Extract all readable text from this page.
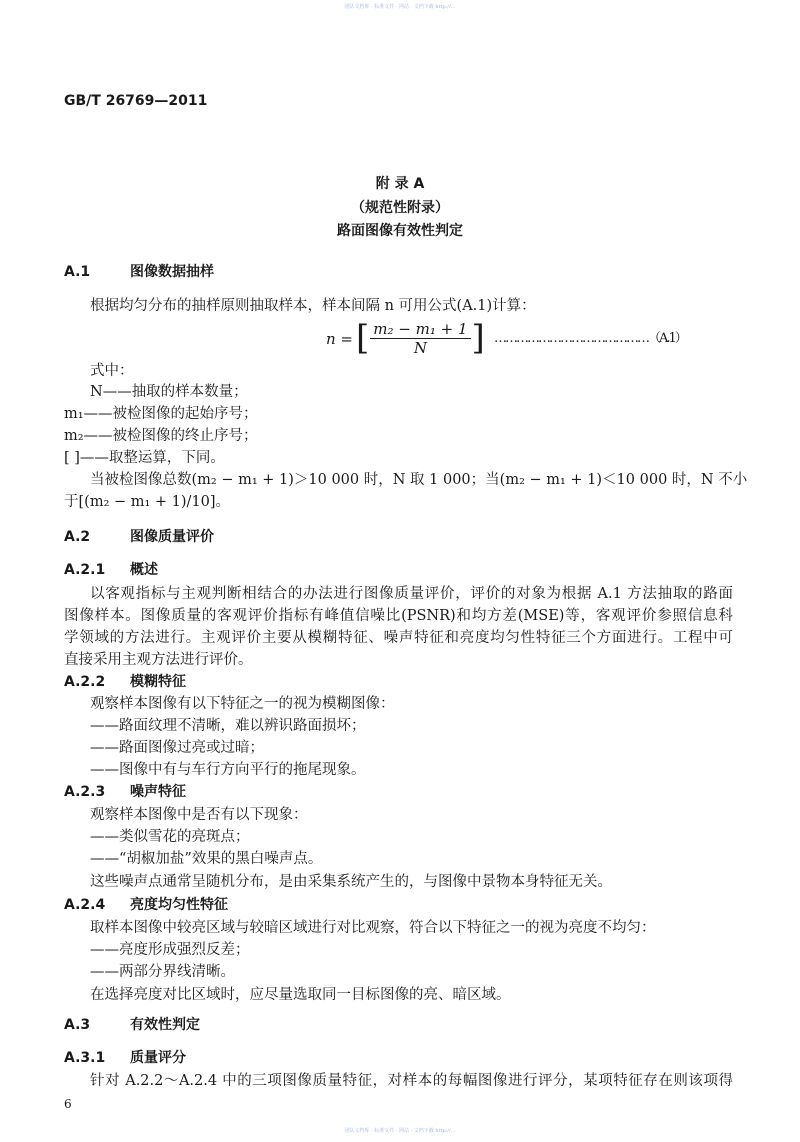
团队文档库 · 标准文件 · 网站 · 文档下载 http://...
GB/T 26769—2011
附 录 A
（规范性附录）
路面图像有效性判定
A.1	图像数据抽样
根据均匀分布的抽样原则抽取样本，样本间隔 n 可用公式(A.1)计算：
n = [ $\frac{\text{m₂ − m₁ + 1}}{N}$ ] ……………………………………（A.1）
式中：
N——抽取的样本数量；
m₁——被检图像的起始序号；
m₂——被检图像的终止序号；
[ ]——取整运算，下同。
当被检图像总数(m₂ − m₁ + 1)＞10 000 时，N 取 1 000；当(m₂ − m₁ + 1)＜10 000 时，N 不小
于[(m₂ − m₁ + 1)/10]。
A.2	图像质量评价
A.2.1 概述
以客观指标与主观判断相结合的办法进行图像质量评价，评价的对象为根据 A.1 方法抽取的路面
图像样本。图像质量的客观评价指标有峰值信噪比(PSNR)和均方差(MSE)等，客观评价参照信息科
学领域的方法进行。主观评价主要从模糊特征、噪声特征和亮度均匀性特征三个方面进行。工程中可
直接采用主观方法进行评价。
A.2.2 模糊特征
观察样本图像有以下特征之一的视为模糊图像：
——路面纹理不清晰，难以辨识路面损坏；
——路面图像过亮或过暗；
——图像中有与车行方向平行的拖尾现象。
A.2.3 噪声特征
观察样本图像中是否有以下现象：
——类似雪花的亮斑点；
——“胡椒加盐”效果的黑白噪声点。
这些噪声点通常呈随机分布，是由采集系统产生的，与图像中景物本身特征无关。
A.2.4 亮度均匀性特征
取样本图像中较亮区域与较暗区域进行对比观察，符合以下特征之一的视为亮度不均匀：
——亮度形成强烈反差；
——两部分界线清晰。
在选择亮度对比区域时，应尽量选取同一目标图像的亮、暗区域。
A.3	有效性判定
A.3.1 质量评分
针对 A.2.2～A.2.4 中的三项图像质量特征，对样本的每幅图像进行评分，某项特征存在则该项得
6
团队文档库 · 标准文件 · 网站 · 文档下载 http://...
